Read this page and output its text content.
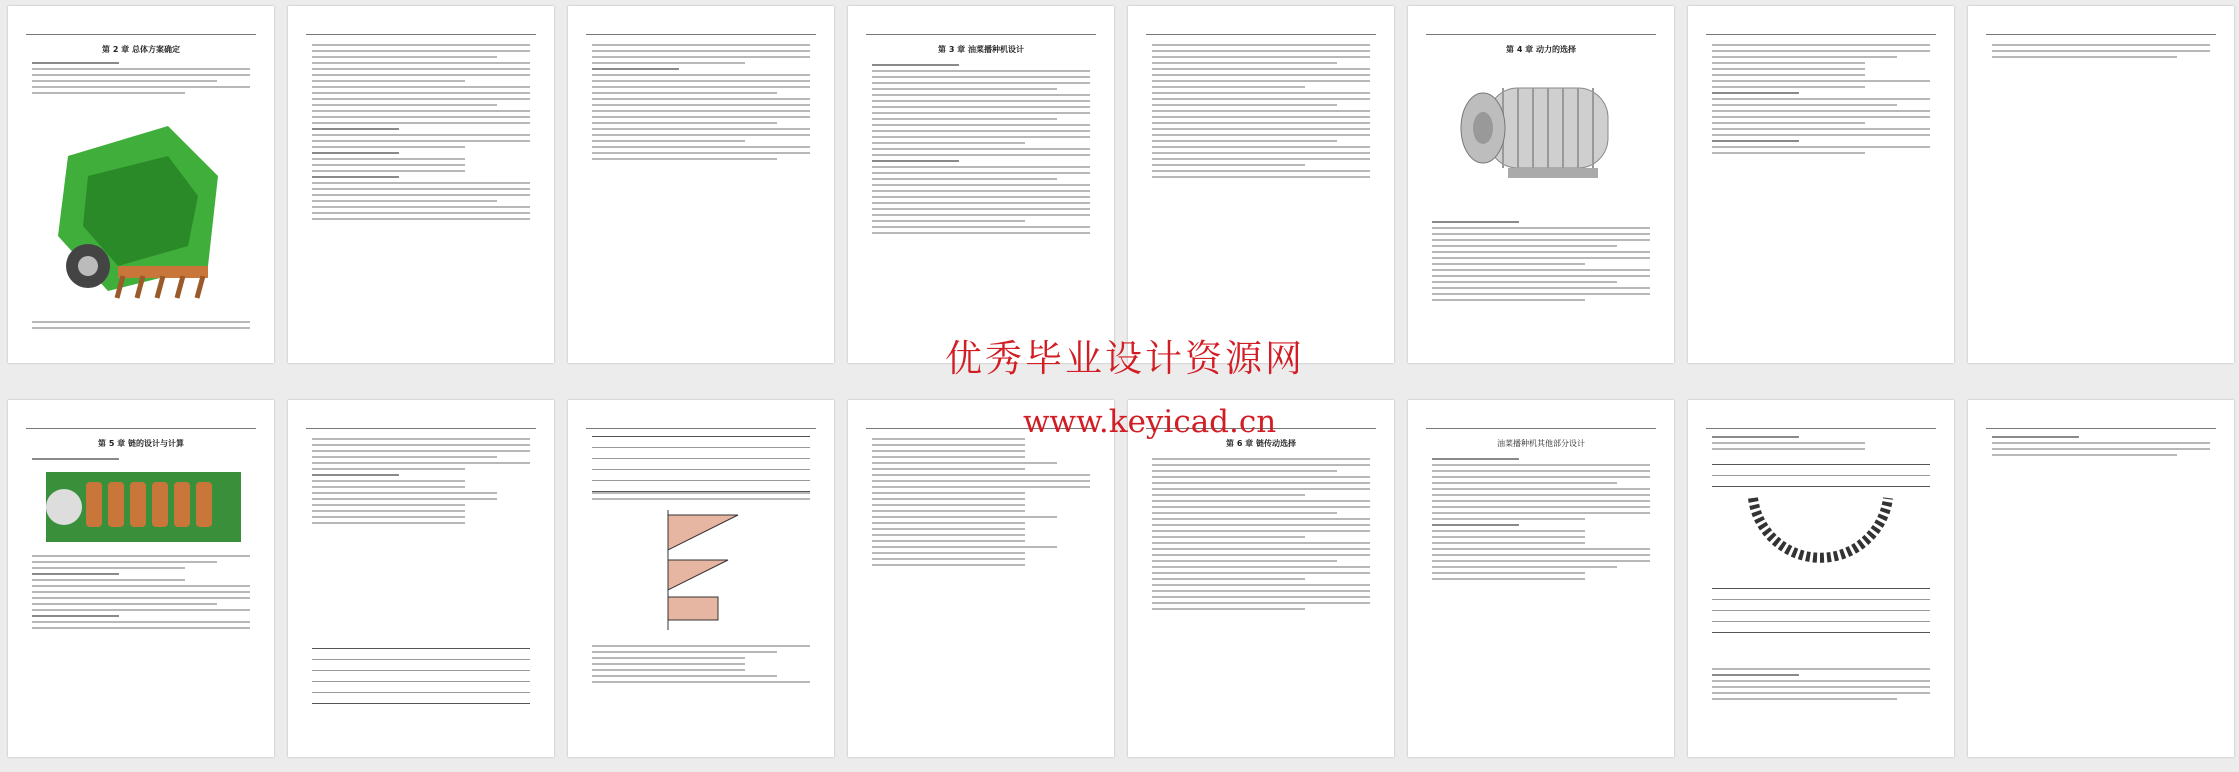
第 2 章 总体方案确定	第 3 章 油菜播种机设计	第 4 章 动力的选择
第 5 章 链的设计与计算	第 6 章 链传动选择	油菜播种机其他部分设计
优秀毕业设计资源网
www.keyicad.cn
